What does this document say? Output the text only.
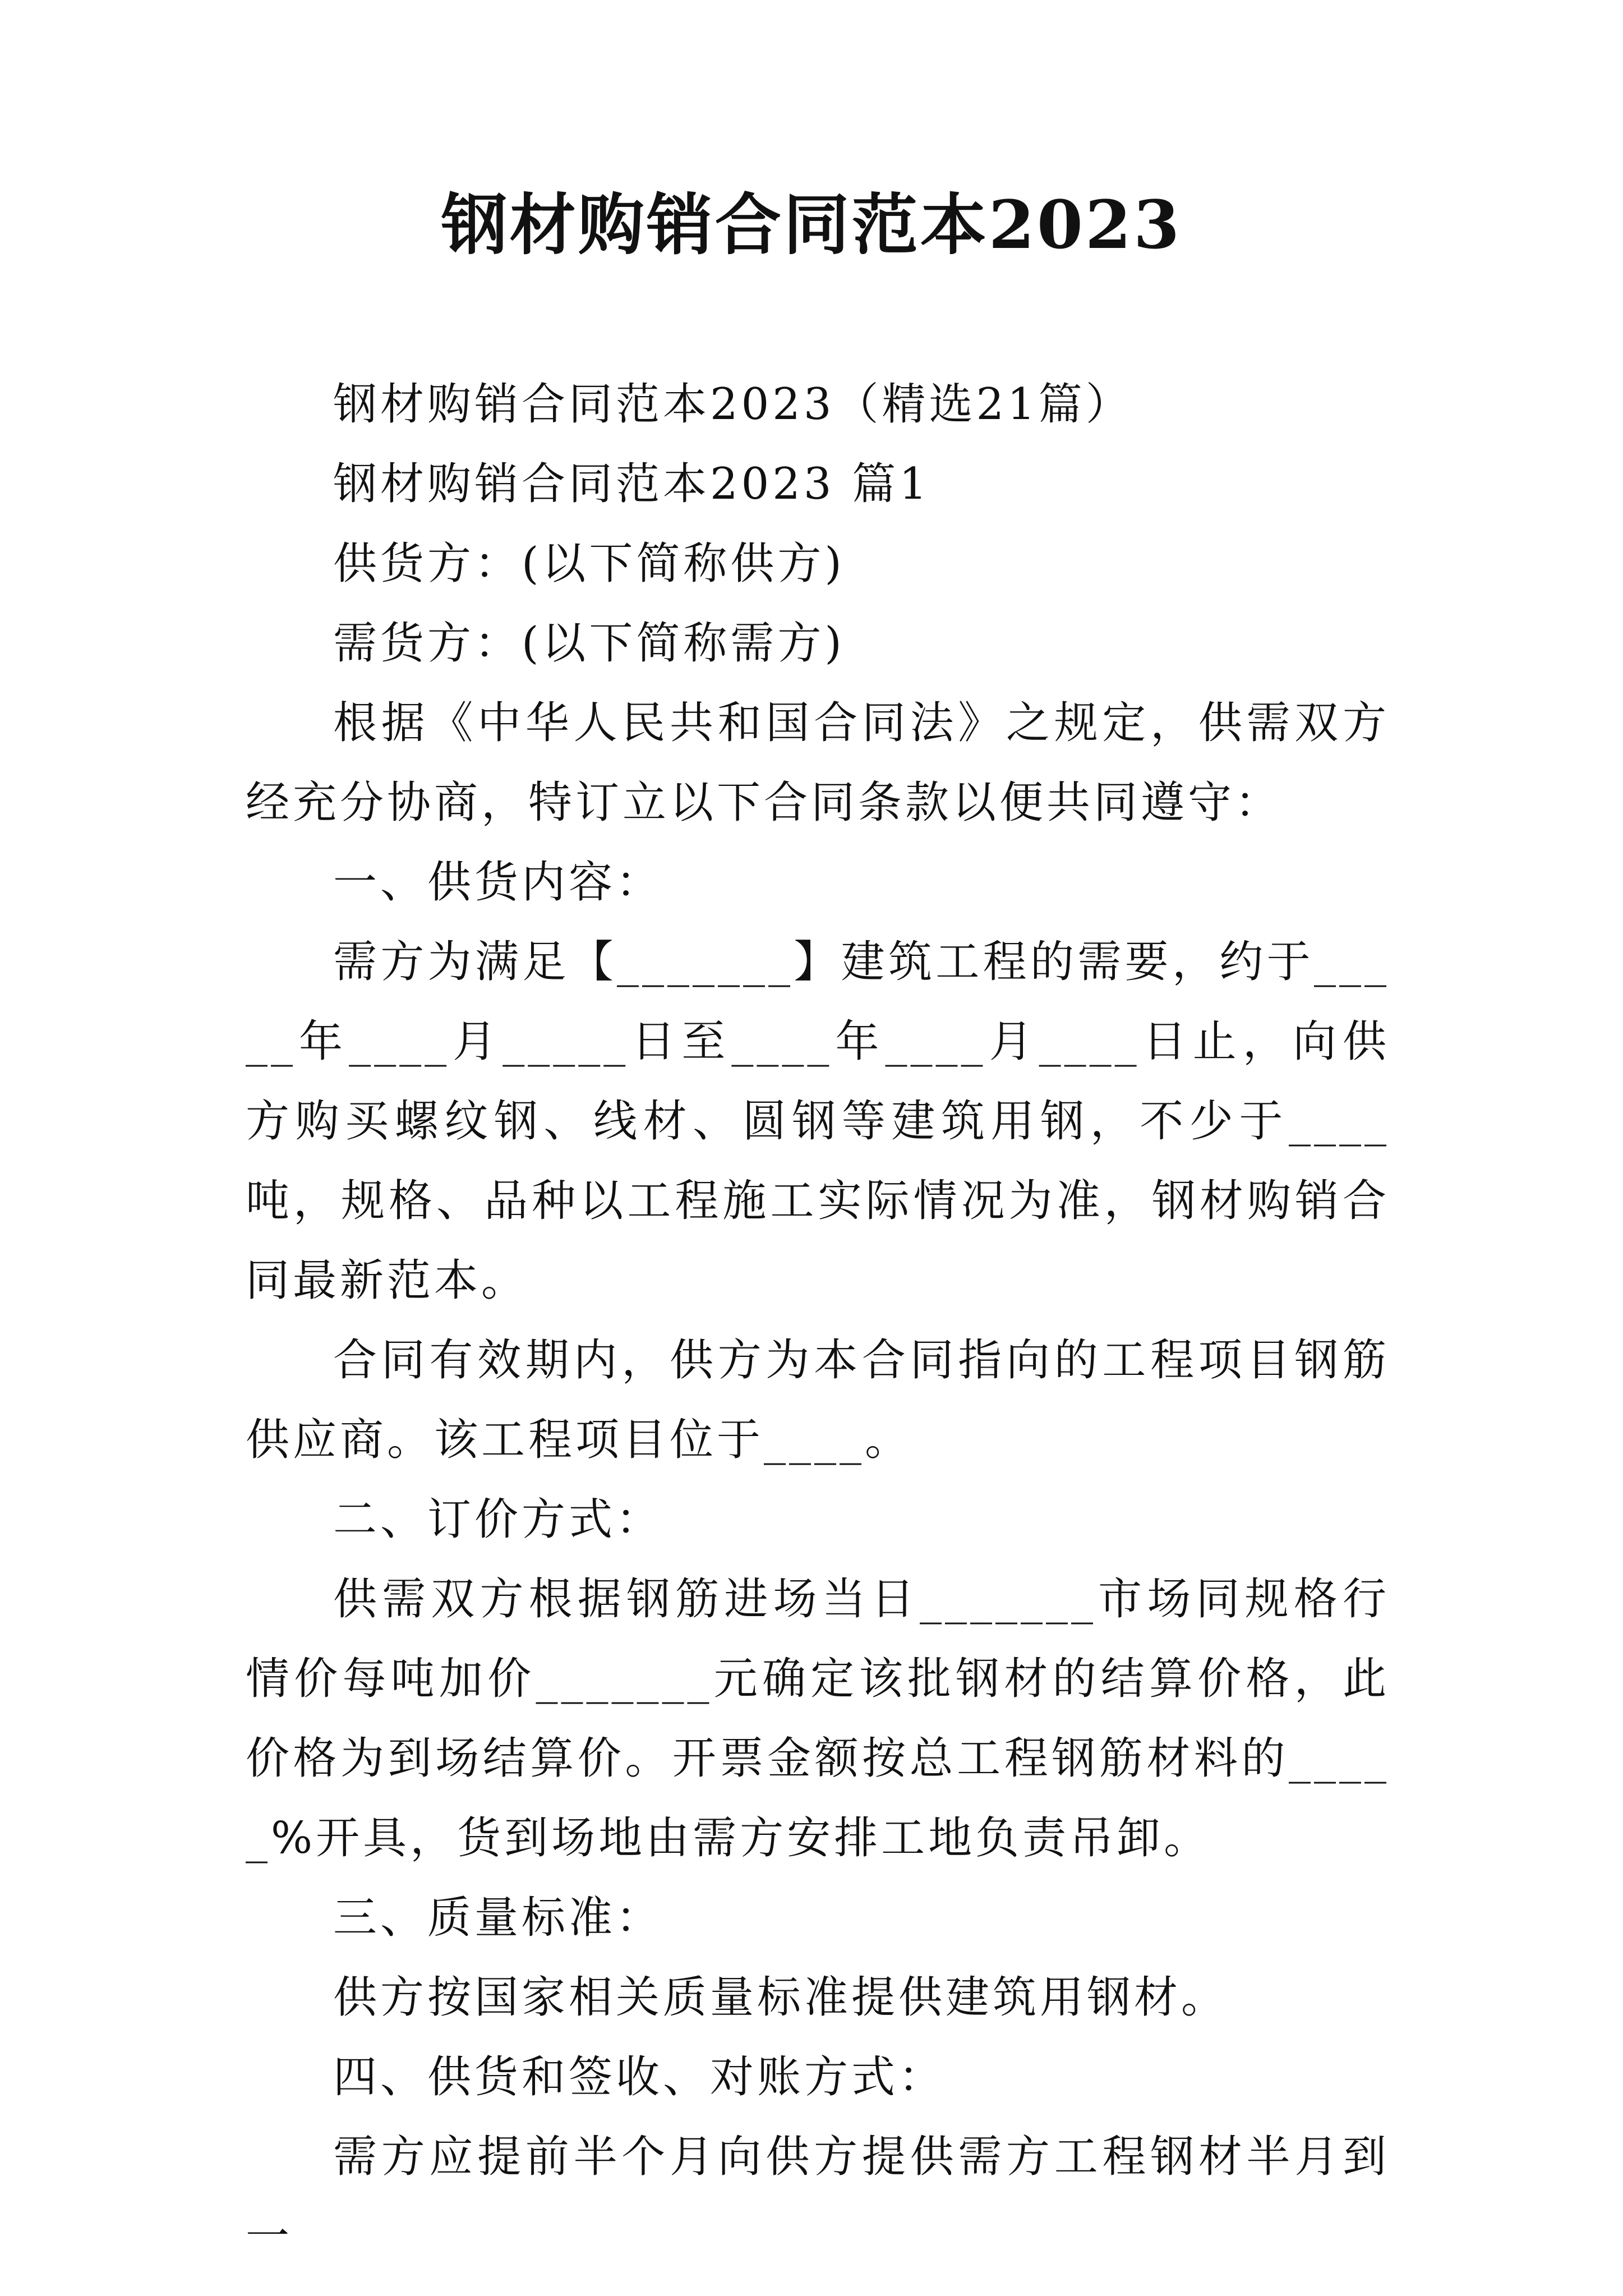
钢材购销合同范本2023

钢材购销合同范本2023（精选21篇）

钢材购销合同范本2023 篇1

供货方：(以下简称供方)

需货方：(以下简称需方)

根据《中华人民共和国合同法》之规定，供需双方经充分协商，特订立以下合同条款以便共同遵守：

一、供货内容：

需方为满足【_______】建筑工程的需要，约于_____年____月_____日至____年____月____日止，向供方购买螺纹钢、线材、圆钢等建筑用钢，不少于____吨，规格、品种以工程施工实际情况为准，钢材购销合同最新范本。

合同有效期内，供方为本合同指向的工程项目钢筋供应商。该工程项目位于____。

二、订价方式：

供需双方根据钢筋进场当日_______市场同规格行情价每吨加价_______元确定该批钢材的结算价格，此价格为到场结算价。开票金额按总工程钢筋材料的_____%开具，货到场地由需方安排工地负责吊卸。

三、质量标准：

供方按国家相关质量标准提供建筑用钢材。

四、供货和签收、对账方式：

需方应提前半个月向供方提供需方工程钢材半月到一
